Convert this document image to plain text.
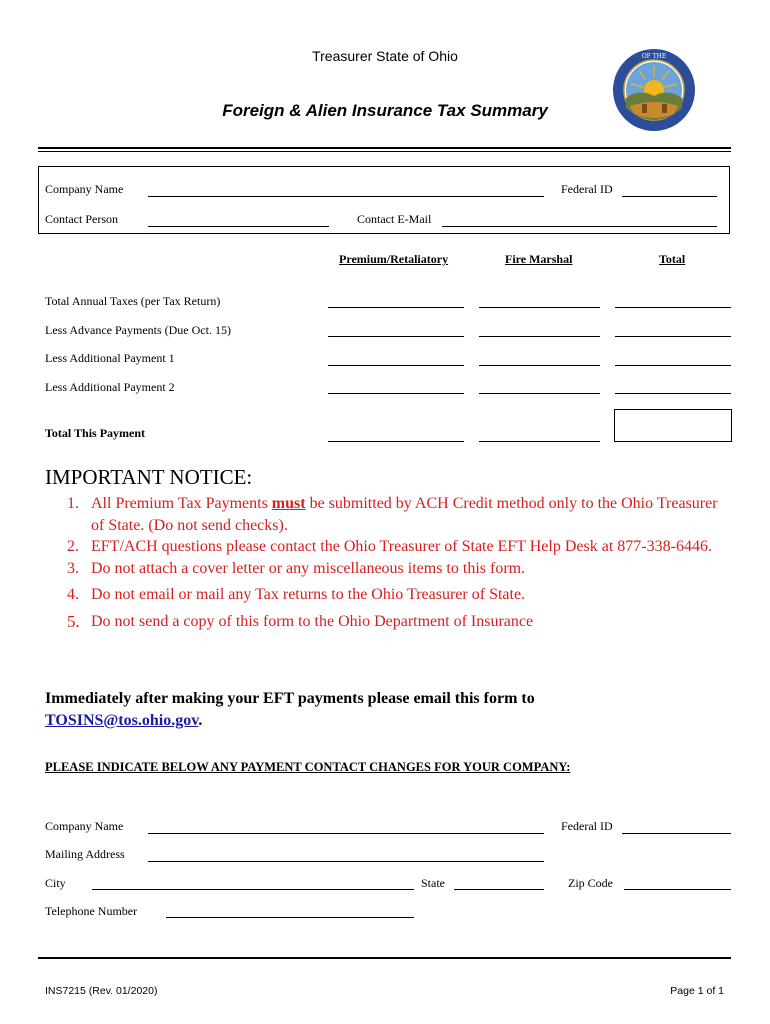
Treasurer State of Ohio
Foreign & Alien Insurance Tax Summary
OF THE
Company Name	Federal ID
Contact Person	Contact E-Mail
Premium/Retaliatory	Fire Marshal	Total
Total Annual Taxes (per Tax Return)
Less Advance Payments (Due Oct. 15)
Less Additional Payment 1
Less Additional Payment 2
Total This Payment
IMPORTANT NOTICE:
1. All Premium Tax Payments must be submitted by ACH Credit method only to the Ohio Treasurer of State. (Do not send checks).
2. EFT/ACH questions please contact the Ohio Treasurer of State EFT Help Desk at 877-338-6446.
3. Do not attach a cover letter or any miscellaneous items to this form.
4. Do not email or mail any Tax returns to the Ohio Treasurer of State.
5. Do not send a copy of this form to the Ohio Department of Insurance
Immediately after making your EFT payments please email this form to
TOSINS@tos.ohio.gov.
PLEASE INDICATE BELOW ANY PAYMENT CONTACT CHANGES FOR YOUR COMPANY:
Company Name	Federal ID
Mailing Address
City	State	Zip Code
Telephone Number
INS7215 (Rev. 01/2020)	Page 1 of 1
